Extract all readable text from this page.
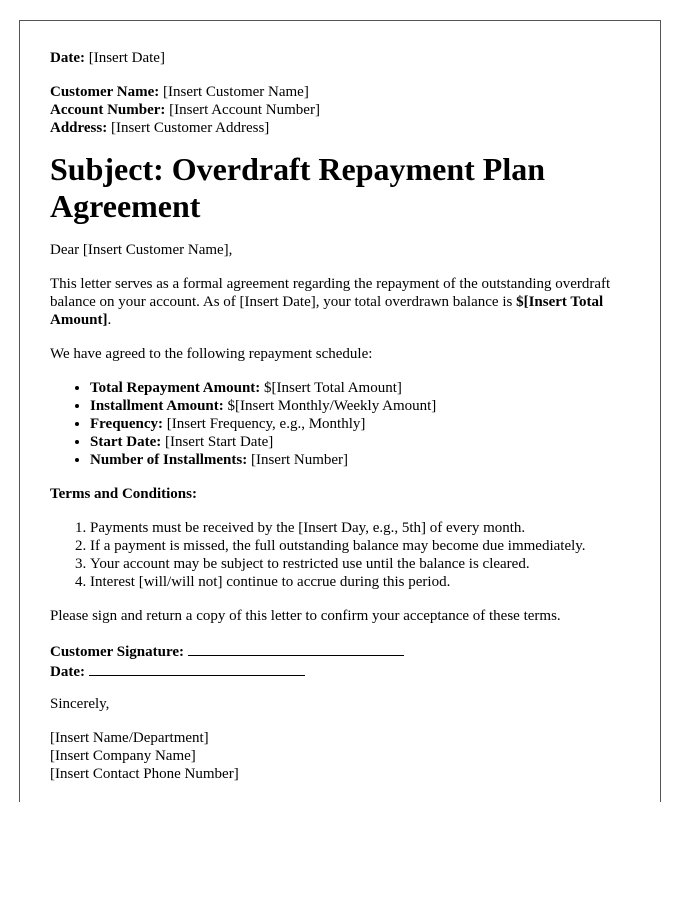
Date: [Insert Date]

Customer Name: [Insert Customer Name]

Account Number: [Insert Account Number]

Address: [Insert Customer Address]

Subject: Overdraft Repayment Plan Agreement

Dear [Insert Customer Name],

This letter serves as a formal agreement regarding the repayment of the outstanding overdraft balance on your account. As of [Insert Date], your total overdrawn balance is $[Insert Total Amount].

We have agreed to the following repayment schedule:

• Total Repayment Amount: $[Insert Total Amount]
• Installment Amount: $[Insert Monthly/Weekly Amount]
• Frequency: [Insert Frequency, e.g., Monthly]
• Start Date: [Insert Start Date]
• Number of Installments: [Insert Number]

Terms and Conditions:

1. Payments must be received by the [Insert Day, e.g., 5th] of every month.
2. If a payment is missed, the full outstanding balance may become due immediately.
3. Your account may be subject to restricted use until the balance is cleared.
4. Interest [will/will not] continue to accrue during this period.

Please sign and return a copy of this letter to confirm your acceptance of these terms.

Customer Signature:

Date:

Sincerely,

[Insert Name/Department]

[Insert Company Name]

[Insert Contact Phone Number]
